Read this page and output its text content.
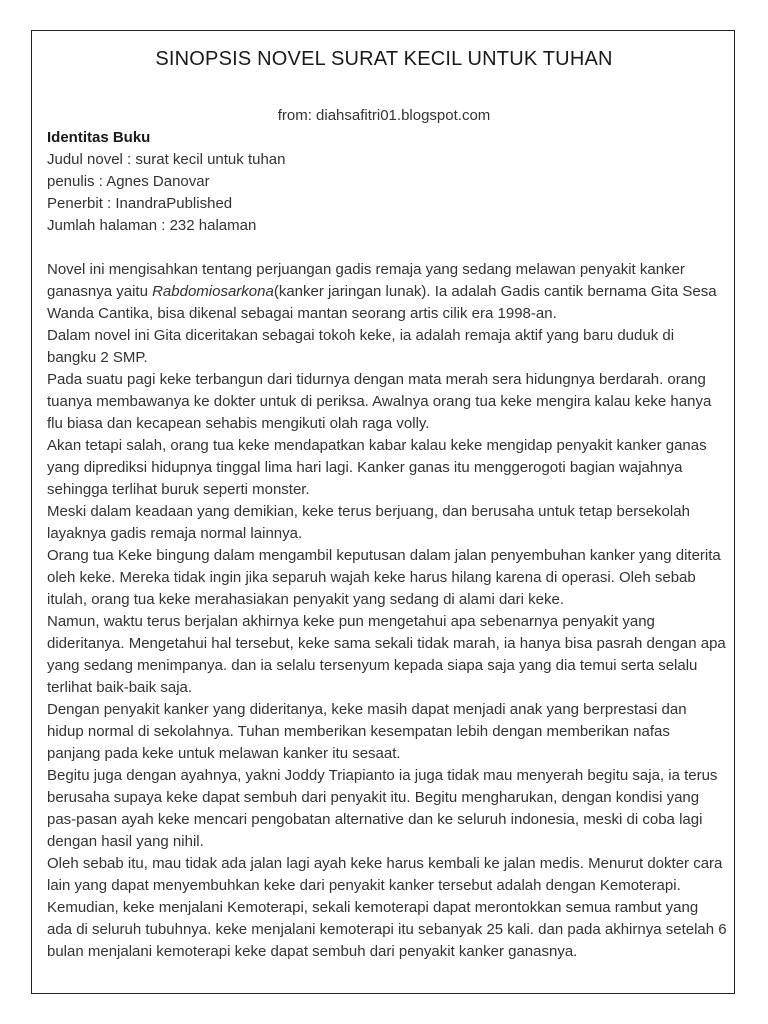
SINOPSIS NOVEL SURAT KECIL UNTUK TUHAN
from: diahsafitri01.blogspot.com

Identitas Buku

Judul novel : surat kecil untuk tuhan

penulis : Agnes Danovar

Penerbit : InandraPublished

Jumlah halaman : 232 halaman

Novel ini mengisahkan tentang perjuangan gadis remaja yang sedang melawan penyakit kanker ganasnya yaitu Rabdomiosarkona(kanker jaringan lunak). Ia adalah Gadis cantik bernama Gita Sesa Wanda Cantika, bisa dikenal sebagai mantan seorang artis cilik era 1998-an.

Dalam novel ini Gita diceritakan sebagai tokoh keke, ia adalah remaja aktif yang baru duduk di bangku 2 SMP.

Pada suatu pagi keke terbangun dari tidurnya dengan mata merah sera hidungnya berdarah. orang tuanya membawanya ke dokter untuk di periksa. Awalnya orang tua keke mengira kalau keke hanya flu biasa dan kecapean sehabis mengikuti olah raga volly.

Akan tetapi salah, orang tua keke mendapatkan kabar kalau keke mengidap penyakit kanker ganas yang diprediksi hidupnya tinggal lima hari lagi. Kanker ganas itu menggerogoti bagian wajahnya sehingga terlihat buruk seperti monster.

Meski dalam keadaan yang demikian, keke terus berjuang, dan berusaha untuk tetap bersekolah layaknya gadis remaja normal lainnya.

Orang tua Keke bingung dalam mengambil keputusan dalam jalan penyembuhan kanker yang diterita oleh keke. Mereka tidak ingin jika separuh wajah keke harus hilang karena di operasi. Oleh sebab itulah, orang tua keke merahasiakan penyakit yang sedang di alami dari keke.

Namun, waktu terus berjalan akhirnya keke pun mengetahui apa sebenarnya penyakit yang dideritanya. Mengetahui hal tersebut, keke sama sekali tidak marah, ia hanya bisa pasrah dengan apa yang sedang menimpanya. dan ia selalu tersenyum kepada siapa saja yang dia temui serta selalu terlihat baik-baik saja.

Dengan penyakit kanker yang dideritanya, keke masih dapat menjadi anak yang berprestasi dan hidup normal di sekolahnya. Tuhan memberikan kesempatan lebih dengan memberikan nafas panjang pada keke untuk melawan kanker itu sesaat.

Begitu juga dengan ayahnya, yakni Joddy Triapianto ia juga tidak mau menyerah begitu saja, ia terus berusaha supaya keke dapat sembuh dari penyakit itu. Begitu mengharukan, dengan kondisi yang pas-pasan ayah keke mencari pengobatan alternative dan ke seluruh indonesia, meski di coba lagi dengan hasil yang nihil.

Oleh sebab itu, mau tidak ada jalan lagi ayah keke harus kembali ke jalan medis. Menurut dokter cara lain yang dapat menyembuhkan keke dari penyakit kanker tersebut adalah dengan Kemoterapi.

Kemudian, keke menjalani Kemoterapi, sekali kemoterapi dapat merontokkan semua rambut yang ada di seluruh tubuhnya. keke menjalani kemoterapi itu sebanyak 25 kali. dan pada akhirnya setelah 6 bulan menjalani kemoterapi keke dapat sembuh dari penyakit kanker ganasnya.
